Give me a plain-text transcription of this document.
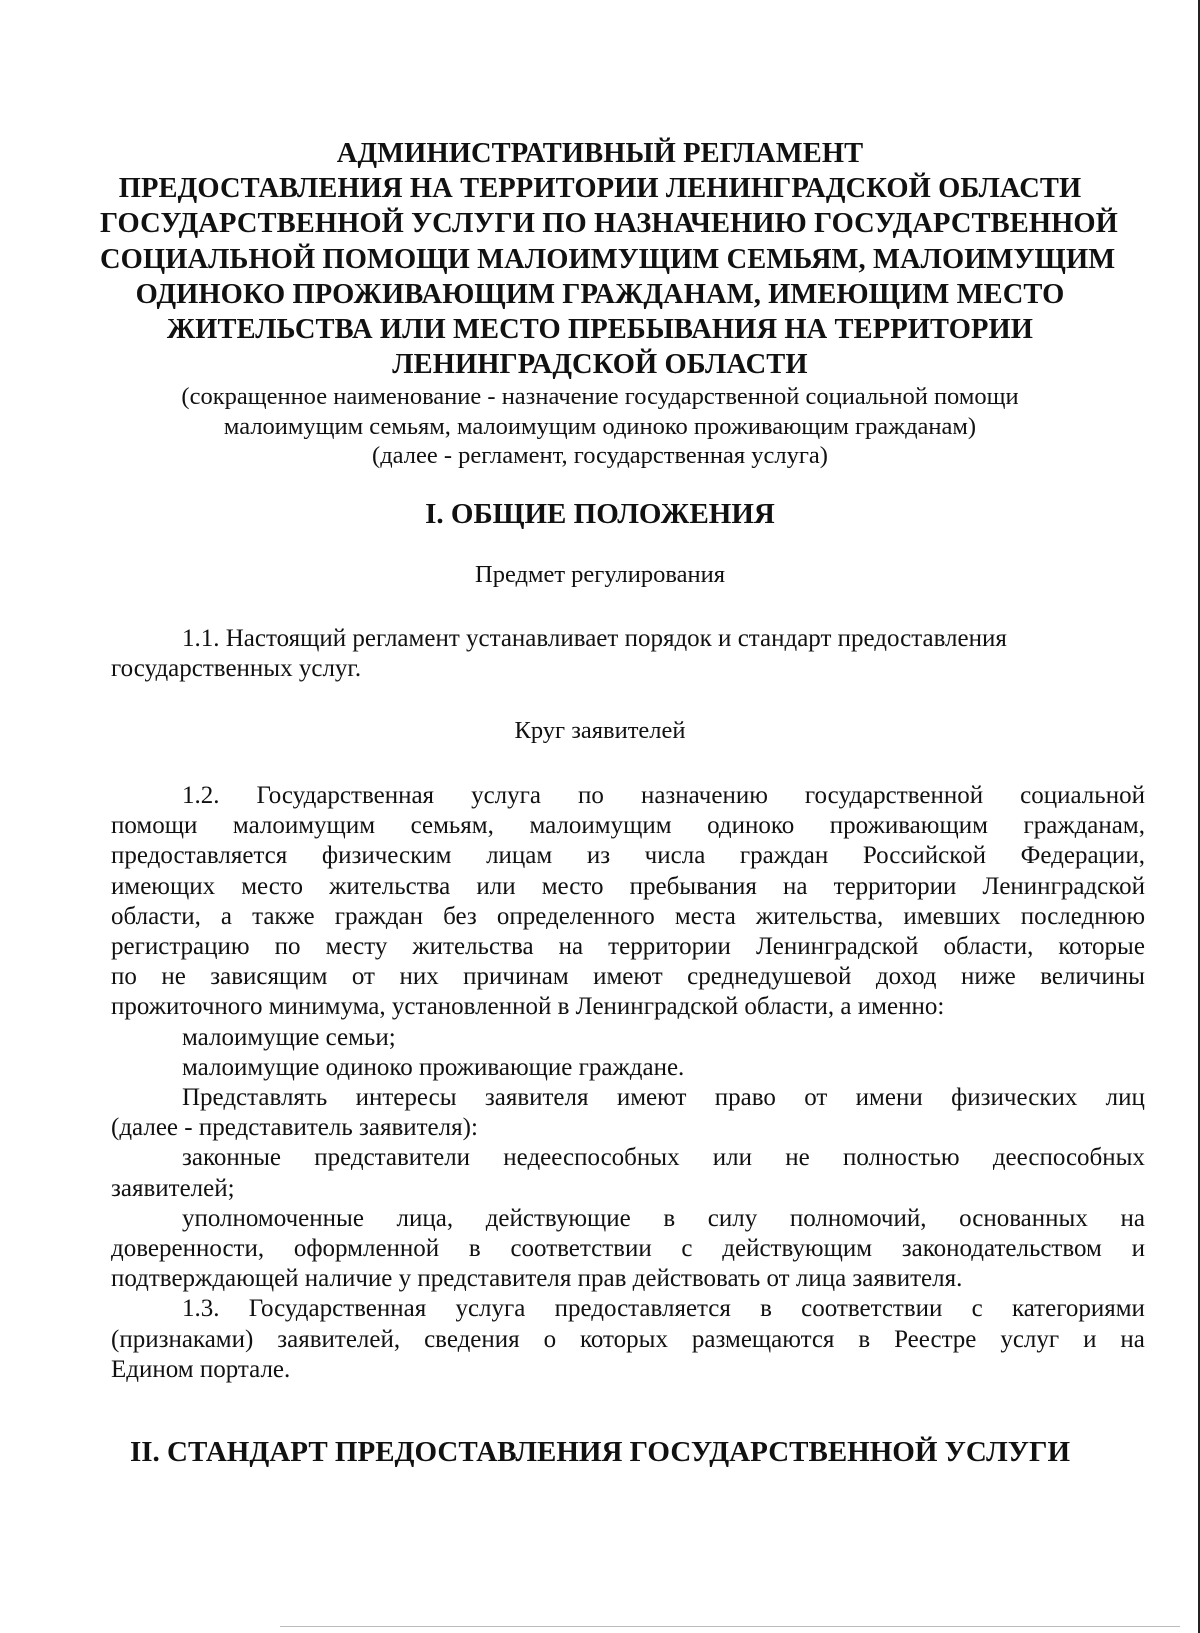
АДМИНИСТРАТИВНЫЙ РЕГЛАМЕНТ
ПРЕДОСТАВЛЕНИЯ НА ТЕРРИТОРИИ ЛЕНИНГРАДСКОЙ ОБЛАСТИ
ГОСУДАРСТВЕННОЙ УСЛУГИ ПО НАЗНАЧЕНИЮ ГОСУДАРСТВЕННОЙ
СОЦИАЛЬНОЙ ПОМОЩИ МАЛОИМУЩИМ СЕМЬЯМ, МАЛОИМУЩИМ
ОДИНОКО ПРОЖИВАЮЩИМ ГРАЖДАНАМ, ИМЕЮЩИМ МЕСТО
ЖИТЕЛЬСТВА ИЛИ МЕСТО ПРЕБЫВАНИЯ НА ТЕРРИТОРИИ
ЛЕНИНГРАДСКОЙ ОБЛАСТИ
(сокращенное наименование - назначение государственной социальной помощи
малоимущим семьям, малоимущим одиноко проживающим гражданам)
(далее - регламент, государственная услуга)
I. ОБЩИЕ ПОЛОЖЕНИЯ
Предмет регулирования
1.1. Настоящий регламент устанавливает порядок и стандарт предоставления
государственных услуг.
Круг заявителей
1.2. Государственная услуга по назначению государственной социальной
помощи малоимущим семьям, малоимущим одиноко проживающим гражданам,
предоставляется физическим лицам из числа граждан Российской Федерации,
имеющих место жительства или место пребывания на территории Ленинградской
области, а также граждан без определенного места жительства, имевших последнюю
регистрацию по месту жительства на территории Ленинградской области, которые
по не зависящим от них причинам имеют среднедушевой доход ниже величины
прожиточного минимума, установленной в Ленинградской области, а именно:
малоимущие семьи;
малоимущие одиноко проживающие граждане.
Представлять интересы заявителя имеют право от имени физических лиц
(далее - представитель заявителя):
законные представители недееспособных или не полностью дееспособных
заявителей;
уполномоченные лица, действующие в силу полномочий, основанных на
доверенности, оформленной в соответствии с действующим законодательством и
подтверждающей наличие у представителя прав действовать от лица заявителя.
1.3. Государственная услуга предоставляется в соответствии с категориями
(признаками) заявителей, сведения о которых размещаются в Реестре услуг и на
Едином портале.
II. СТАНДАРТ ПРЕДОСТАВЛЕНИЯ ГОСУДАРСТВЕННОЙ УСЛУГИ
